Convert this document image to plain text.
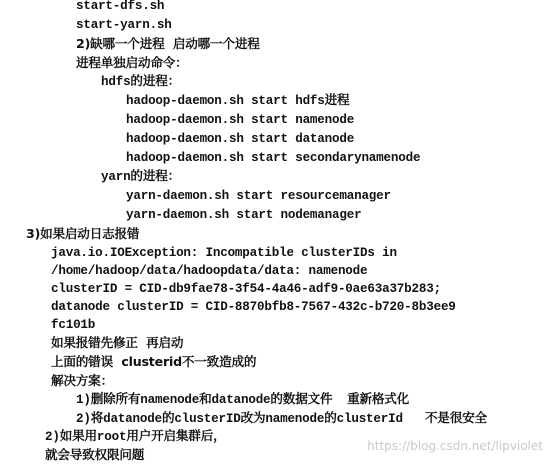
start-dfs.sh
start-yarn.sh
2)缺哪一个进程  启动哪一个进程
进程单独启动命令：
hdfs的进程：
hadoop-daemon.sh start hdfs进程
hadoop-daemon.sh start namenode
hadoop-daemon.sh start datanode
hadoop-daemon.sh start secondarynamenode
yarn的进程：
yarn-daemon.sh start resourcemanager
yarn-daemon.sh start nodemanager
3)如果启动日志报错
java.io.IOException: Incompatible clusterIDs in
/home/hadoop/data/hadoopdata/data: namenode
clusterID = CID-db9fae78-3f54-4a46-adf9-0ae63a37b283;
datanode clusterID = CID-8870bfb8-7567-432c-b720-8b3ee9
fc101b
如果报错先修正  再启动
上面的错误  clusterid不一致造成的
解决方案：
1)删除所有namenode和datanode的数据文件  重新格式化
2)将datanode的clusterID改为namenode的clusterId   不是很安全
2)如果用root用户开启集群后，
就会导致权限问题
https://blog.csdn.net/lipviolet
